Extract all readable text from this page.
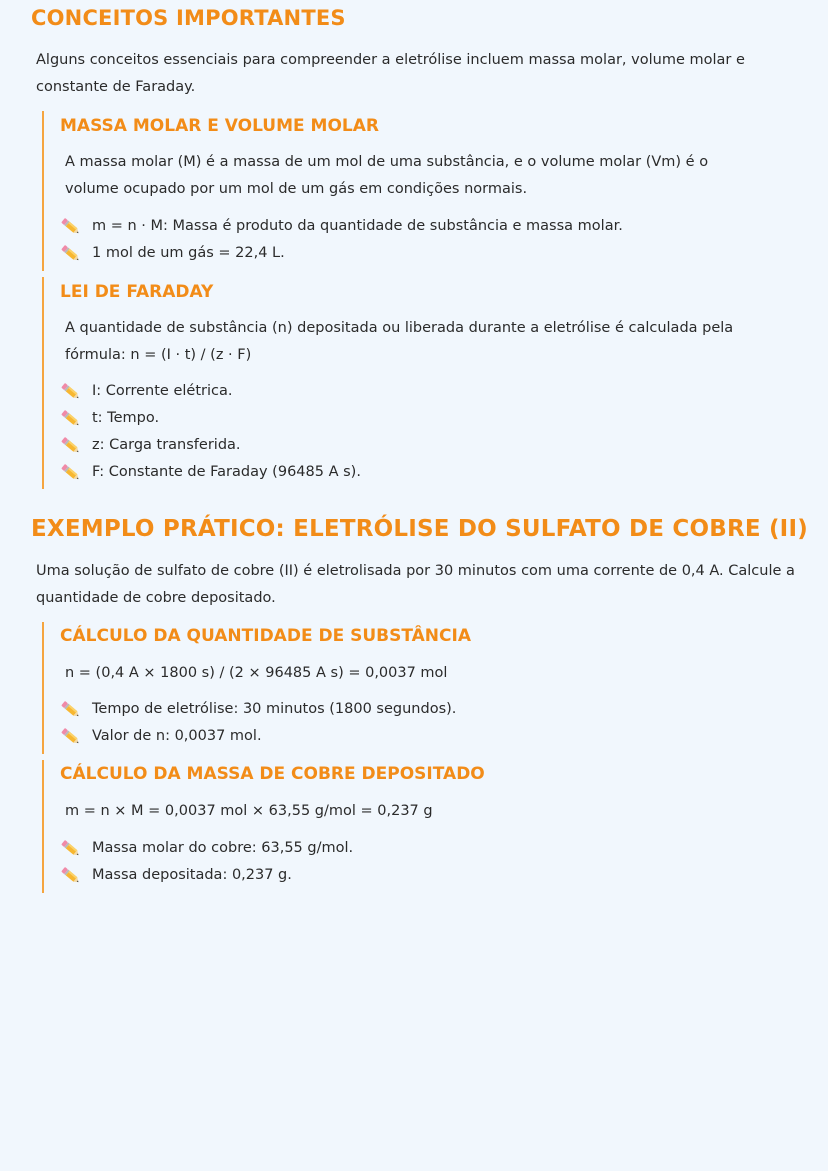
CONCEITOS IMPORTANTES

Alguns conceitos essenciais para compreender a eletrólise incluem massa molar, volume molar e constante de Faraday.

MASSA MOLAR E VOLUME MOLAR

A massa molar (M) é a massa de um mol de uma substância, e o volume molar (Vm) é o volume ocupado por um mol de um gás em condições normais.

m = n · M: Massa é produto da quantidade de substância e massa molar.
1 mol de um gás = 22,4 L.
LEI DE FARADAY

A quantidade de substância (n) depositada ou liberada durante a eletrólise é calculada pela fórmula: n = (I · t) / (z · F)

I: Corrente elétrica.
t: Tempo.
z: Carga transferida.
F: Constante de Faraday (96485 A s).
EXEMPLO PRÁTICO: ELETRÓLISE DO SULFATO DE COBRE (II)

Uma solução de sulfato de cobre (II) é eletrolisada por 30 minutos com uma corrente de 0,4 A. Calcule a quantidade de cobre depositado.

CÁLCULO DA QUANTIDADE DE SUBSTÂNCIA

n = (0,4 A × 1800 s) / (2 × 96485 A s) = 0,0037 mol

Tempo de eletrólise: 30 minutos (1800 segundos).
Valor de n: 0,0037 mol.
CÁLCULO DA MASSA DE COBRE DEPOSITADO

m = n × M = 0,0037 mol × 63,55 g/mol = 0,237 g

Massa molar do cobre: 63,55 g/mol.
Massa depositada: 0,237 g.
